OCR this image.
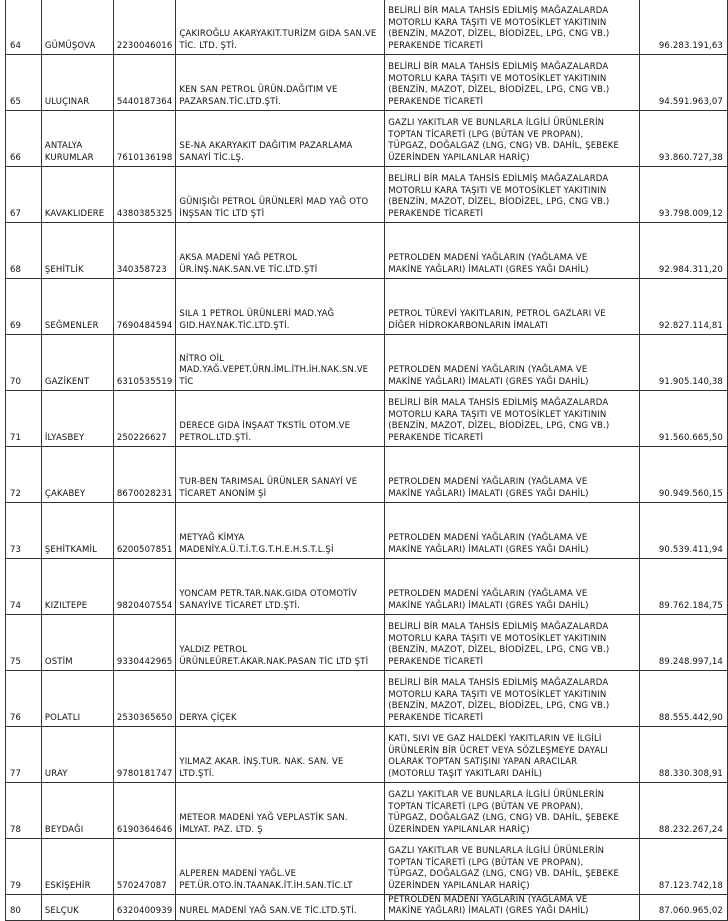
64	GÜMÜŞOVA	2230046016	ÇAKIROĞLU AKARYAKIT.TURİZM GIDA SAN.VE TİC. LTD. ŞTİ.	BELİRLİ BİR MALA TAHSİS EDİLMİŞ MAĞAZALARDA
MOTORLU KARA TAŞITI VE MOTOSİKLET YAKITININ
(BENZİN, MAZOT, DİZEL, BİODİZEL, LPG, CNG VB.)
PERAKENDE TİCARETİ	96.283.191,63
65	ULUÇINAR	5440187364	KEN SAN PETROL ÜRÜN.DAĞITIM VE PAZARSAN.TİC.LTD.ŞTİ.	BELİRLİ BİR MALA TAHSİS EDİLMİŞ MAĞAZALARDA
MOTORLU KARA TAŞITI VE MOTOSİKLET YAKITININ
(BENZİN, MAZOT, DİZEL, BİODİZEL, LPG, CNG VB.)
PERAKENDE TİCARETİ	94.591.963,07
66	ANTALYA KURUMLAR	7610136198	SE-NA AKARYAKIT DAĞITIM PAZARLAMA SANAYİ TİC.LŞ.	GAZLI YAKITLAR VE BUNLARLA İLGİLİ ÜRÜNLERİN
TOPTAN TİCARETİ (LPG (BÜTAN VE PROPAN),
TÜPGAZ, DOĞALGAZ (LNG, CNG) VB. DAHİL, ŞEBEKE
ÜZERİNDEN YAPILANLAR HARİÇ)	93.860.727,38
67	KAVAKLIDERE	4380385325	GÜNIŞIĞI PETROL ÜRÜNLERİ MAD YAĞ OTO İNŞSAN TİC LTD ŞTİ	BELİRLİ BİR MALA TAHSİS EDİLMİŞ MAĞAZALARDA
MOTORLU KARA TAŞITI VE MOTOSİKLET YAKITININ
(BENZİN, MAZOT, DİZEL, BİODİZEL, LPG, CNG VB.)
PERAKENDE TİCARETİ	93.798.009,12
68	ŞEHİTLİK	340358723	AKSA MADENİ YAĞ PETROL ÜR.İNŞ.NAK.SAN.VE TİC.LTD.ŞTİ	PETROLDEN MADENİ YAĞLARIN (YAĞLAMA VE
MAKİNE YAĞLARI) İMALATI (GRES YAĞI DAHİL)	92.984.311,20
69	SEĞMENLER	7690484594	SILA 1 PETROL ÜRÜNLERİ MAD.YAĞ GID.HAY.NAK.TİC.LTD.ŞTİ.	PETROL TÜREVİ YAKITLARIN, PETROL GAZLARI VE
DİĞER HİDROKARBONLARIN İMALATI	92.827.114,81
70	GAZİKENT	6310535519	NİTRO OİL MAD.YAĞ.VEPET.ÜRN.İML.İTH.İH.NAK.SN.VE TİC	PETROLDEN MADENİ YAĞLARIN (YAĞLAMA VE
MAKİNE YAĞLARI) İMALATI (GRES YAĞI DAHİL)	91.905.140,38
71	İLYASBEY	250226627	DERECE GIDA İNŞAAT TKSTİL OTOM.VE PETROL.LTD.ŞTİ.	BELİRLİ BİR MALA TAHSİS EDİLMİŞ MAĞAZALARDA
MOTORLU KARA TAŞITI VE MOTOSİKLET YAKITININ
(BENZİN, MAZOT, DİZEL, BİODİZEL, LPG, CNG VB.)
PERAKENDE TİCARETİ	91.560.665,50
72	ÇAKABEY	8670028231	TUR-BEN TARIMSAL ÜRÜNLER SANAYİ VE TİCARET ANONİM Şİ	PETROLDEN MADENİ YAĞLARIN (YAĞLAMA VE
MAKİNE YAĞLARI) İMALATI (GRES YAĞI DAHİL)	90.949.560,15
73	ŞEHİTKAMİL	6200507851	METYAĞ KİMYA MADENİY.A.Ü.T.İ.T.G.T.H.E.H.S.T.L.Şİ	PETROLDEN MADENİ YAĞLARIN (YAĞLAMA VE
MAKİNE YAĞLARI) İMALATI (GRES YAĞI DAHİL)	90.539.411,94
74	KIZILTEPE	9820407554	YONCAM PETR.TAR.NAK.GIDA OTOMOTİV SANAYİVE TİCARET LTD.ŞTİ.	PETROLDEN MADENİ YAĞLARIN (YAĞLAMA VE
MAKİNE YAĞLARI) İMALATI (GRES YAĞI DAHİL)	89.762.184,75
75	OSTİM	9330442965	YALDIZ PETROL ÜRÜNLEÜRET.AKAR.NAK.PASAN TİC LTD ŞTİ	BELİRLİ BİR MALA TAHSİS EDİLMİŞ MAĞAZALARDA
MOTORLU KARA TAŞITI VE MOTOSİKLET YAKITININ
(BENZİN, MAZOT, DİZEL, BİODİZEL, LPG, CNG VB.)
PERAKENDE TİCARETİ	89.248.997,14
76	POLATLI	2530365650	DERYA ÇİÇEK	BELİRLİ BİR MALA TAHSİS EDİLMİŞ MAĞAZALARDA
MOTORLU KARA TAŞITI VE MOTOSİKLET YAKITININ
(BENZİN, MAZOT, DİZEL, BİODİZEL, LPG, CNG VB.)
PERAKENDE TİCARETİ	88.555.442,90
77	URAY	9780181747	YILMAZ AKAR. İNŞ.TUR. NAK. SAN. VE LTD.ŞTİ.	KATI, SIVI VE GAZ HALDEKİ YAKITLARIN VE İLGİLİ
ÜRÜNLERİN BİR ÜCRET VEYA SÖZLEŞMEYE DAYALI
OLARAK TOPTAN SATIŞINI YAPAN ARACILAR
(MOTORLU TAŞIT YAKITLARI DAHİL)	88.330.308,91
78	BEYDAĞI	6190364646	METEOR MADENİ YAĞ VEPLASTİK SAN. İMLYAT. PAZ. LTD. Ş	GAZLI YAKITLAR VE BUNLARLA İLGİLİ ÜRÜNLERİN
TOPTAN TİCARETİ (LPG (BÜTAN VE PROPAN),
TÜPGAZ, DOĞALGAZ (LNG, CNG) VB. DAHİL, ŞEBEKE
ÜZERİNDEN YAPILANLAR HARİÇ)	88.232.267,24
79	ESKİŞEHİR	570247087	ALPEREN MADENİ YAĞL.VE PET.ÜR.OTO.İN.TAANAK.İT.İH.SAN.TİC.LT	GAZLI YAKITLAR VE BUNLARLA İLGİLİ ÜRÜNLERİN
TOPTAN TİCARETİ (LPG (BÜTAN VE PROPAN),
TÜPGAZ, DOĞALGAZ (LNG, CNG) VB. DAHİL, ŞEBEKE
ÜZERİNDEN YAPILANLAR HARİÇ)	87.123.742,18
80	SELÇUK	6320400939	NUREL MADENİ YAĞ SAN.VE TİC.LTD.ŞTİ.	PETROLDEN MADENİ YAĞLARIN (YAĞLAMA VE
MAKİNE YAĞLARI) İMALATI (GRES YAĞI DAHİL)	87.060.965,02
